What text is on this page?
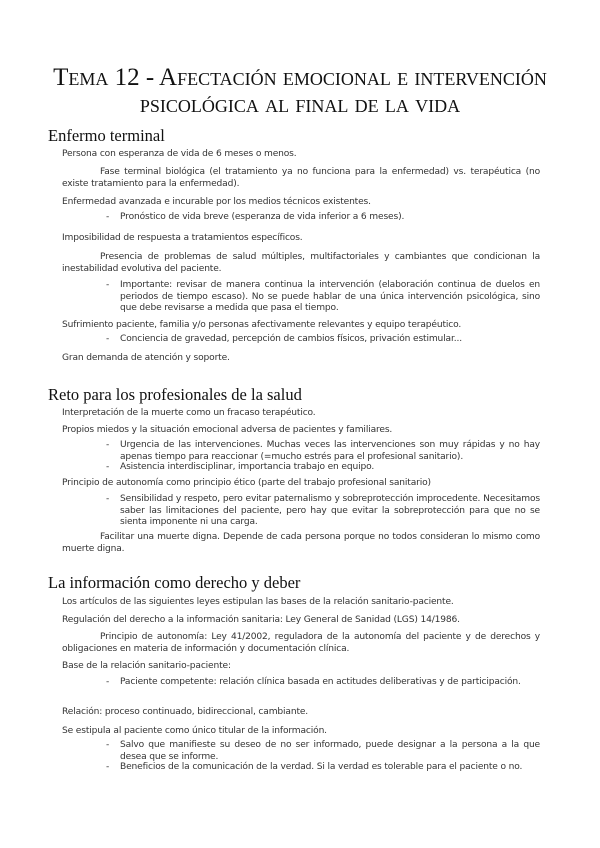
Tema 12 - Afectación emocional e intervención
psicológica al ﬁnal de la vida
Enfermo terminal
Persona con esperanza de vida de 6 meses o menos.
Fase terminal biológica (el tratamiento ya no funciona para la enfermedad) vs. terapéutica (no existe tratamiento para la enfermedad).
Enfermedad avanzada e incurable por los medios técnicos existentes.
- Pronóstico de vida breve (esperanza de vida inferior a 6 meses).
Imposibilidad de respuesta a tratamientos específicos.
Presencia de problemas de salud múltiples, multifactoriales y cambiantes que condicionan la inestabilidad evolutiva del paciente.
- Importante: revisar de manera continua la intervención (elaboración continua de duelos en periodos de tiempo escaso). No se puede hablar de una única intervención psicológica, sino que debe revisarse a medida que pasa el tiempo.
Sufrimiento paciente, familia y/o personas afectivamente relevantes y equipo terapéutico.
- Conciencia de gravedad, percepción de cambios físicos, privación estimular...
Gran demanda de atención y soporte.
Reto para los profesionales de la salud
Interpretación de la muerte como un fracaso terapéutico.
Propios miedos y la situación emocional adversa de pacientes y familiares.
- Urgencia de las intervenciones. Muchas veces las intervenciones son muy rápidas y no hay apenas tiempo para reaccionar (=mucho estrés para el profesional sanitario).
- Asistencia interdisciplinar, importancia trabajo en equipo.
Principio de autonomía como principio ético (parte del trabajo profesional sanitario)
- Sensibilidad y respeto, pero evitar paternalismo y sobreprotección improcedente. Necesitamos saber las limitaciones del paciente, pero hay que evitar la sobreprotección para que no se sienta imponente ni una carga.
Facilitar una muerte digna. Depende de cada persona porque no todos consideran lo mismo como muerte digna.
La información como derecho y deber
Los artículos de las siguientes leyes estipulan las bases de la relación sanitario-paciente.
Regulación del derecho a la información sanitaria: Ley General de Sanidad (LGS) 14/1986.
Principio de autonomía: Ley 41/2002, reguladora de la autonomía del paciente y de derechos y obligaciones en materia de información y documentación clínica.
Base de la relación sanitario-paciente:
- Paciente competente: relación clínica basada en actitudes deliberativas y de participación.
Relación: proceso continuado, bidireccional, cambiante.
Se estipula al paciente como único titular de la información.
- Salvo que manifieste su deseo de no ser informado, puede designar a la persona a la que desea que se informe.
- Beneficios de la comunicación de la verdad. Si la verdad es tolerable para el paciente o no.
